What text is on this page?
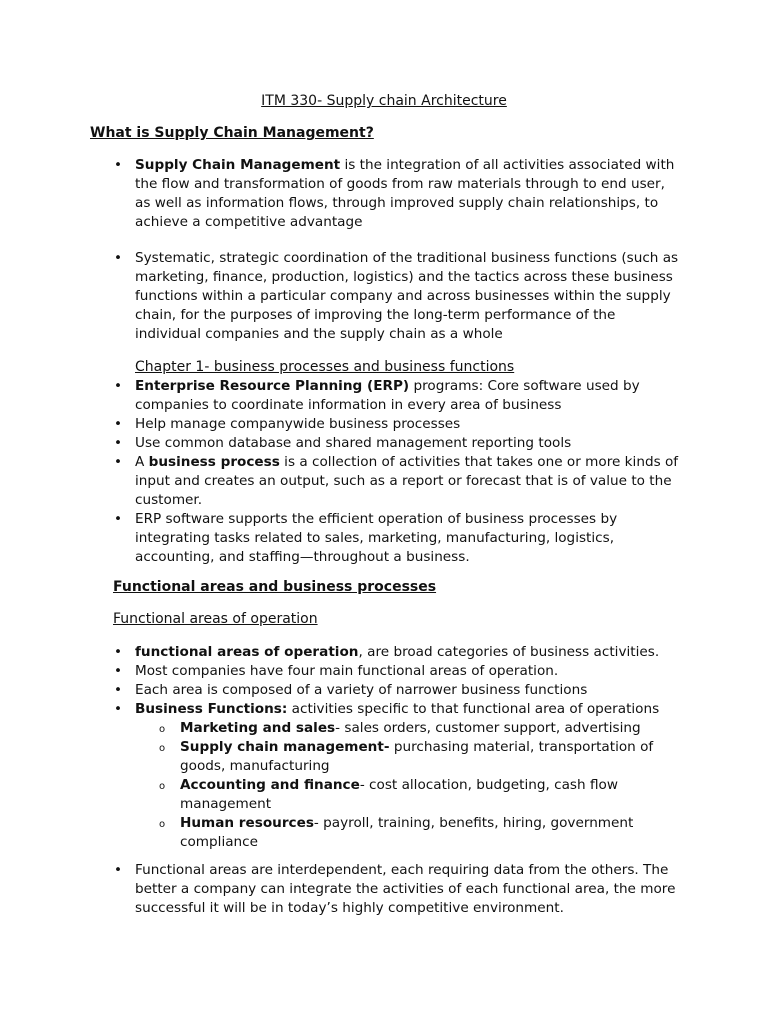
ITM 330- Supply chain Architecture
What is Supply Chain Management?
• Supply Chain Management is the integration of all activities associated with the flow and transformation of goods from raw materials through to end user, as well as information flows, through improved supply chain relationships, to achieve a competitive advantage
• Systematic, strategic coordination of the traditional business functions (such as marketing, finance, production, logistics) and the tactics across these business functions within a particular company and across businesses within the supply chain, for the purposes of improving the long-term performance of the individual companies and the supply chain as a whole
Chapter 1- business processes and business functions
• Enterprise Resource Planning (ERP) programs: Core software used by companies to coordinate information in every area of business
• Help manage companywide business processes
• Use common database and shared management reporting tools
• A business process is a collection of activities that takes one or more kinds of input and creates an output, such as a report or forecast that is of value to the customer.
• ERP software supports the efficient operation of business processes by integrating tasks related to sales, marketing, manufacturing, logistics, accounting, and staffing—throughout a business.
Functional areas and business processes
Functional areas of operation
• functional areas of operation, are broad categories of business activities.
• Most companies have four main functional areas of operation.
• Each area is composed of a variety of narrower business functions
• Business Functions: activities specific to that functional area of operations
o Marketing and sales- sales orders, customer support, advertising
o Supply chain management- purchasing material, transportation of goods, manufacturing
o Accounting and finance- cost allocation, budgeting, cash flow management
o Human resources- payroll, training, benefits, hiring, government compliance
• Functional areas are interdependent, each requiring data from the others. The better a company can integrate the activities of each functional area, the more successful it will be in today’s highly competitive environment.
